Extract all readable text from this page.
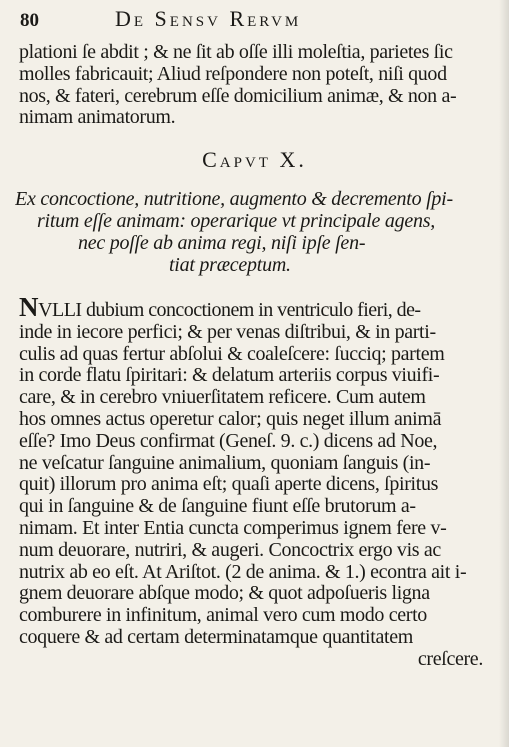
80	De Sensv Rervm
plationi ſe abdit ; & ne ſit ab oſſe illi moleſtia, parietes ſic
molles fabricauit; Aliud reſpondere non poteſt, niſi quod
nos, & fateri, cerebrum eſſe domicilium animæ, & non a-
nimam animatorum.
Capvt X.
Ex concoctione, nutritione, augmento & decremento ſpi-
ritum eſſe animam: operarique vt principale agens,
nec poſſe ab anima regi, niſi ipſe ſen-
tiat præceptum.
NVLLI dubium concoctionem in ventriculo fieri, de-
inde in iecore perfici; & per venas diſtribui, & in parti-
culis ad quas fertur abſolui & coaleſcere: ſucciq; partem
in corde flatu ſpiritari: & delatum arteriis corpus viuifi-
care, & in cerebro vniuerſitatem reficere. Cum autem
hos omnes actus operetur calor; quis neget illum animā
eſſe? Imo Deus confirmat (Geneſ. 9. c.) dicens ad Noe,
ne veſcatur ſanguine animalium, quoniam ſanguis (in-
quit) illorum pro anima eſt; quaſi aperte dicens, ſpiritus
qui in ſanguine & de ſanguine fiunt eſſe brutorum a-
nimam. Et inter Entia cuncta comperimus ignem fere v-
num deuorare, nutriri, & augeri. Concoctrix ergo vis ac
nutrix ab eo eſt. At Ariſtot. (2 de anima. & 1.) econtra ait i-
gnem deuorare abſque modo; & quot adpoſueris ligna
comburere in infinitum, animal vero cum modo certo
coquere & ad certam determinatamque quantitatem
creſcere.
